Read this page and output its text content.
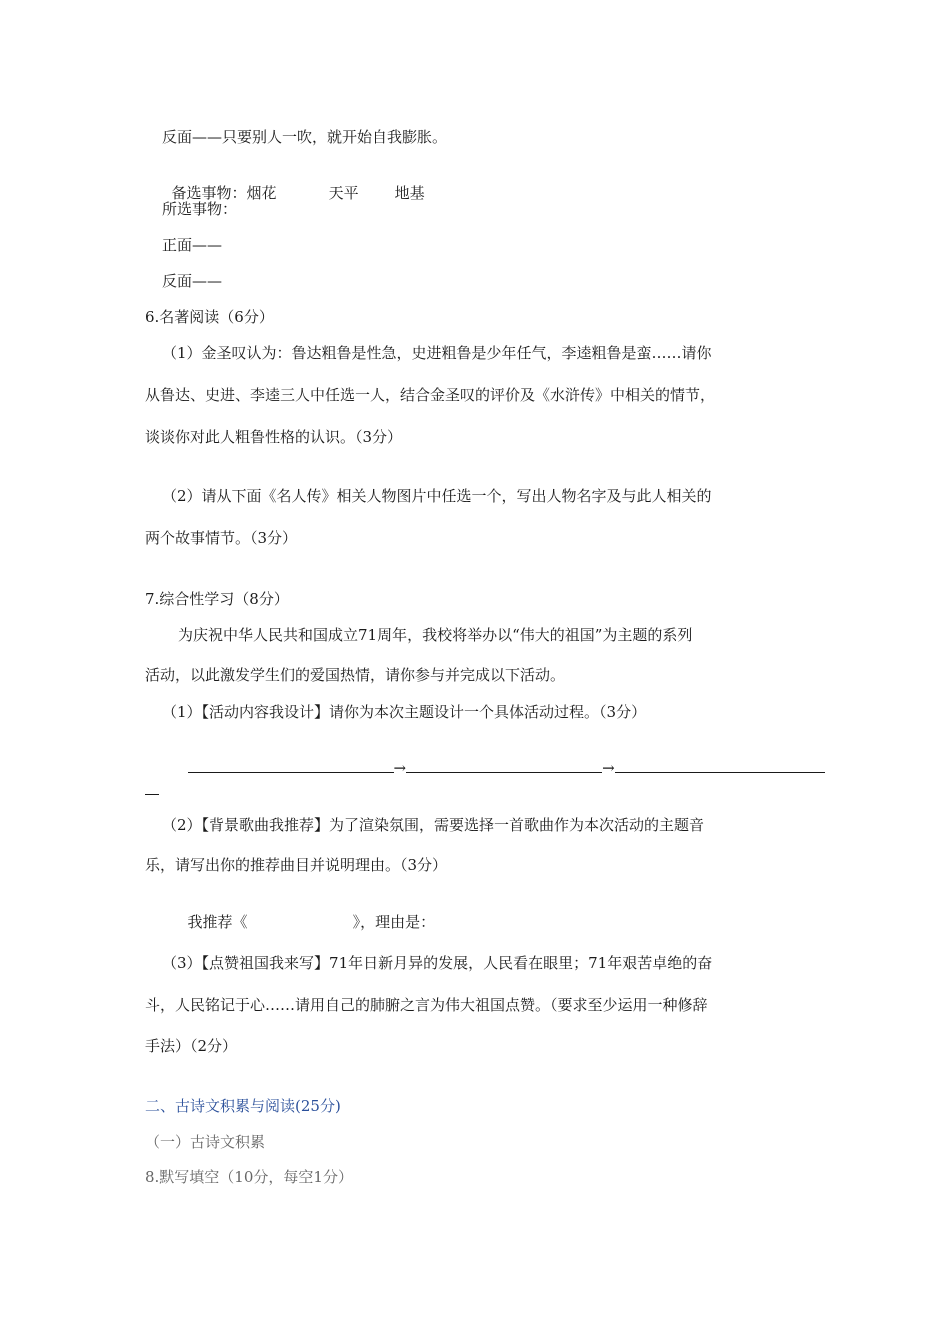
反面——只要别人一吹，就开始自我膨胀。

备选事物：烟花	天平 地基

所选事物：
正面——
反面——
6.名著阅读（6分）
（1）金圣叹认为：鲁达粗鲁是性急，史进粗鲁是少年任气，李逵粗鲁是蛮……请你
从鲁达、史进、李逵三人中任选一人，结合金圣叹的评价及《水浒传》中相关的情节，
谈谈你对此人粗鲁性格的认识。（3分）
（2）请从下面《名人传》相关人物图片中任选一个，写出人物名字及与此人相关的
两个故事情节。（3分）
7.综合性学习（8分）
为庆祝中华人民共和国成立71周年，我校将举办以“伟大的祖国”为主题的系列
活动，以此激发学生们的爱国热情，请你参与并完成以下活动。
（1）【活动内容我设计】请你为本次主题设计一个具体活动过程。（3分）

→	→

（2）【背景歌曲我推荐】为了渲染氛围，需要选择一首歌曲作为本次活动的主题音
乐，请写出你的推荐曲目并说明理由。（3分）

我推荐《	》，理由是：

（3）【点赞祖国我来写】71年日新月异的发展，人民看在眼里；71年艰苦卓绝的奋
斗，人民铭记于心……请用自己的肺腑之言为伟大祖国点赞。（要求至少运用一种修辞
手法）（2分）
二、古诗文积累与阅读(25分)
（一）古诗文积累
8.默写填空（10分，每空1分）
